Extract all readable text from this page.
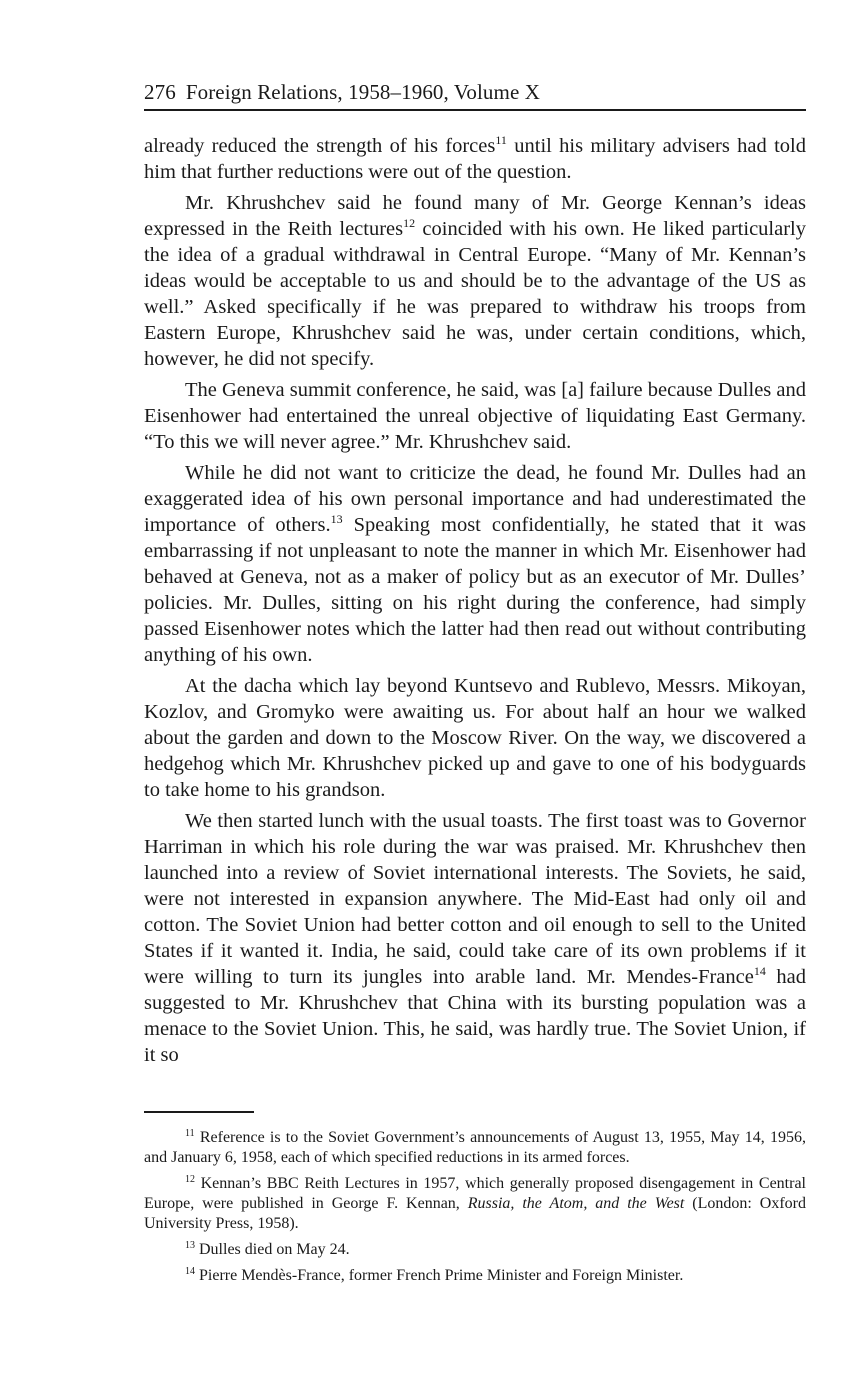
276 Foreign Relations, 1958–1960, Volume X

already reduced the strength of his forces$^{11}$ until his military advisers had told him that further reductions were out of the question.

Mr. Khrushchev said he found many of Mr. George Kennan’s ideas expressed in the Reith lectures$^{12}$ coincided with his own. He liked particularly the idea of a gradual withdrawal in Central Europe. “Many of Mr. Kennan’s ideas would be acceptable to us and should be to the advantage of the US as well.” Asked specifically if he was prepared to withdraw his troops from Eastern Europe, Khrushchev said he was, under certain conditions, which, however, he did not specify.

The Geneva summit conference, he said, was [a] failure because Dulles and Eisenhower had entertained the unreal objective of liquidating East Germany. “To this we will never agree.” Mr. Khrushchev said.

While he did not want to criticize the dead, he found Mr. Dulles had an exaggerated idea of his own personal importance and had underestimated the importance of others.$^{13}$ Speaking most confidentially, he stated that it was embarrassing if not unpleasant to note the manner in which Mr. Eisenhower had behaved at Geneva, not as a maker of policy but as an executor of Mr. Dulles’ policies. Mr. Dulles, sitting on his right during the conference, had simply passed Eisenhower notes which the latter had then read out without contributing anything of his own.

At the dacha which lay beyond Kuntsevo and Rublevo, Messrs. Mikoyan, Kozlov, and Gromyko were awaiting us. For about half an hour we walked about the garden and down to the Moscow River. On the way, we discovered a hedgehog which Mr. Khrushchev picked up and gave to one of his bodyguards to take home to his grandson.

We then started lunch with the usual toasts. The first toast was to Governor Harriman in which his role during the war was praised. Mr. Khrushchev then launched into a review of Soviet international interests. The Soviets, he said, were not interested in expansion anywhere. The Mid-East had only oil and cotton. The Soviet Union had better cotton and oil enough to sell to the United States if it wanted it. India, he said, could take care of its own problems if it were willing to turn its jungles into arable land. Mr. Mendes-France$^{14}$ had suggested to Mr. Khrushchev that China with its bursting population was a menace to the Soviet Union. This, he said, was hardly true. The Soviet Union, if it so

$^{11}$ Reference is to the Soviet Government’s announcements of August 13, 1955, May 14, 1956, and January 6, 1958, each of which specified reductions in its armed forces.

$^{12}$ Kennan’s BBC Reith Lectures in 1957, which generally proposed disengagement in Central Europe, were published in George F. Kennan, Russia, the Atom, and the West (London: Oxford University Press, 1958).

$^{13}$ Dulles died on May 24.

$^{14}$ Pierre Mendès-France, former French Prime Minister and Foreign Minister.
